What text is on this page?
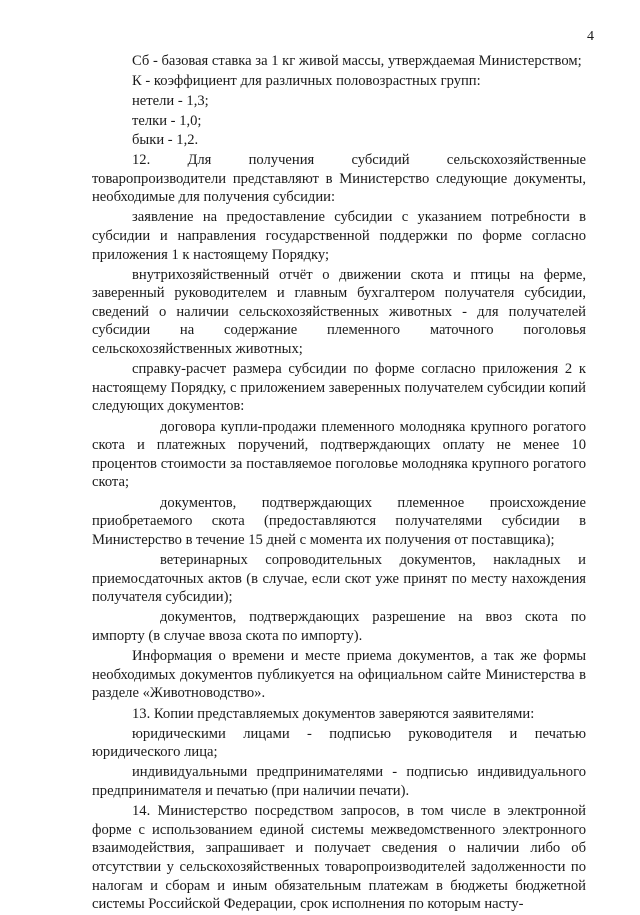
4

Сб - базовая ставка за 1 кг живой массы, утверждаемая Министерством;

К - коэффициент для различных половозрастных групп:

нетели - 1,3;

телки - 1,0;

быки - 1,2.

12. Для получения субсидий сельскохозяйственные товаропроизводители представляют в Министерство следующие документы, необходимые для получения субсидии:

заявление на предоставление субсидии с указанием потребности в субсидии и направления государственной поддержки по форме согласно приложения 1 к настоящему Порядку;

внутрихозяйственный отчёт о движении скота и птицы на ферме, заверенный руководителем и главным бухгалтером получателя субсидии, сведений о наличии сельскохозяйственных животных - для получателей субсидии на содержание племенного маточного поголовья сельскохозяйственных животных;

справку-расчет размера субсидии по форме согласно приложения 2 к настоящему Порядку, с приложением заверенных получателем субсидии копий следующих документов:

договора купли-продажи племенного молодняка крупного рогатого скота и платежных поручений, подтверждающих оплату не менее 10 процентов стоимости за поставляемое поголовье молодняка крупного рогатого скота;

документов, подтверждающих племенное происхождение приобретаемого скота (предоставляются получателями субсидии в Министерство в течение 15 дней с момента их получения от поставщика);

ветеринарных сопроводительных документов, накладных и приемосдаточных актов (в случае, если скот уже принят по месту нахождения получателя субсидии);

документов, подтверждающих разрешение на ввоз скота по импорту (в случае ввоза скота по импорту).

Информация о времени и месте приема документов, а так же формы необходимых документов публикуется на официальном сайте Министерства в разделе «Животноводство».

13. Копии представляемых документов заверяются заявителями:

юридическими лицами - подписью руководителя и печатью юридического лица;

индивидуальными предпринимателями - подписью индивидуального предпринимателя и печатью (при наличии печати).

14. Министерство посредством запросов, в том числе в электронной форме с использованием единой системы межведомственного электронного взаимодействия, запрашивает и получает сведения о наличии либо об отсутствии у сельскохозяйственных товаропроизводителей задолженности по налогам и сборам и иным обязательным платежам в бюджеты бюджетной системы Российской Федерации, срок исполнения по которым насту-
